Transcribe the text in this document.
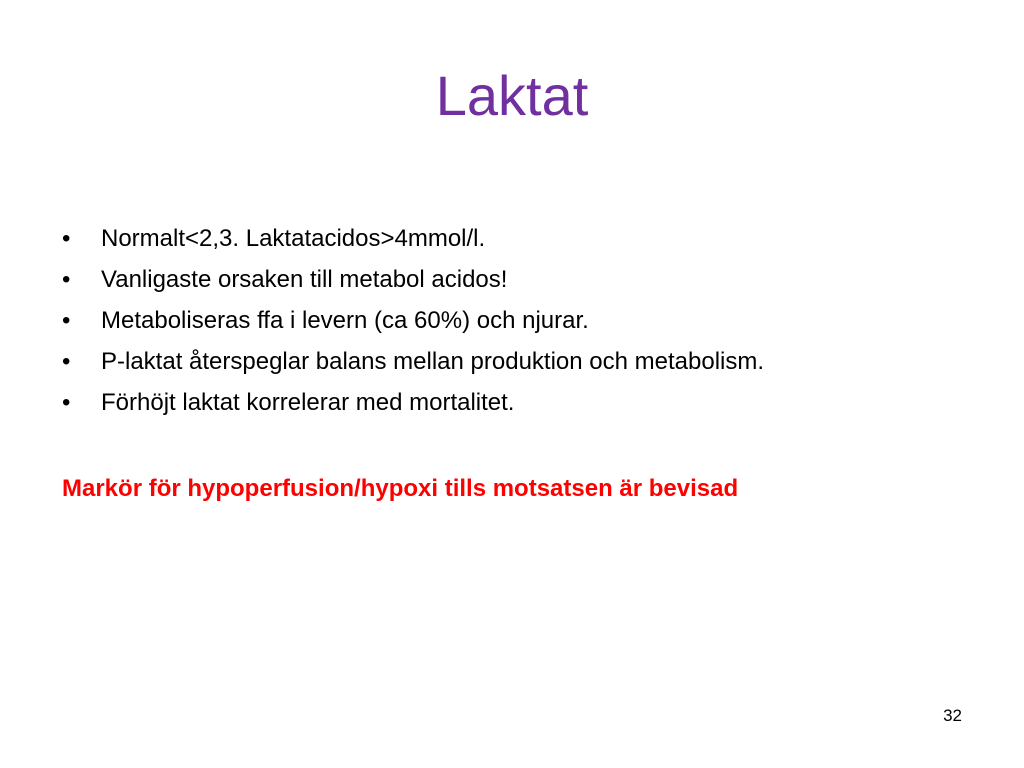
Laktat
• Normalt<2,3. Laktatacidos>4mmol/l.
• Vanligaste orsaken till metabol acidos!
• Metaboliseras ffa i levern (ca 60%) och njurar.
• P-laktat återspeglar balans mellan produktion och metabolism.
• Förhöjt laktat korrelerar med mortalitet.
Markör för hypoperfusion/hypoxi tills motsatsen är bevisad
32
